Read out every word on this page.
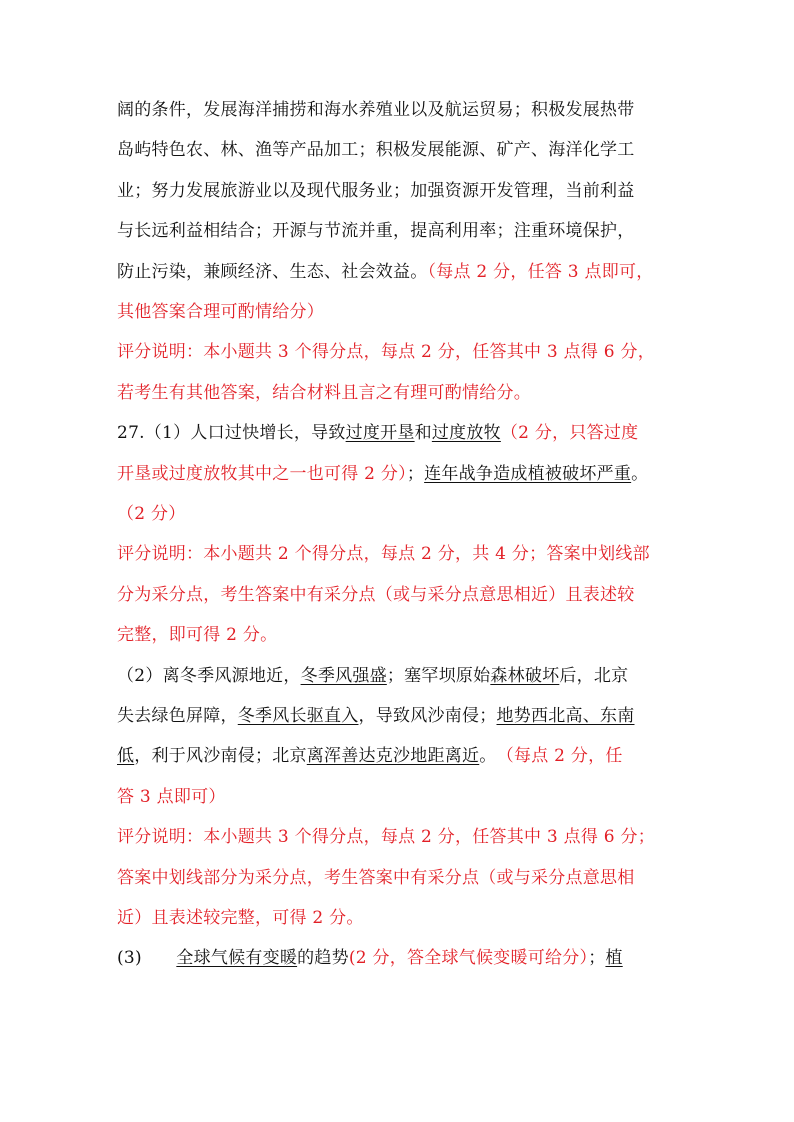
阔的条件，发展海洋捕捞和海水养殖业以及航运贸易；积极发展热带
岛屿特色农、林、渔等产品加工；积极发展能源、矿产、海洋化学工
业；努力发展旅游业以及现代服务业；加强资源开发管理，当前利益
与长远利益相结合；开源与节流并重，提高利用率；注重环境保护，
防止污染，兼顾经济、生态、社会效益。（每点 2 分，任答 3 点即可，
其他答案合理可酌情给分）
评分说明：本小题共 3 个得分点，每点 2 分，任答其中 3 点得 6 分，
若考生有其他答案，结合材料且言之有理可酌情给分。
27.（1）人口过快增长，导致过度开垦和过度放牧（2 分，只答过度
开垦或过度放牧其中之一也可得 2 分）；连年战争造成植被破坏严重。
（2 分）
评分说明：本小题共 2 个得分点，每点 2 分，共 4 分；答案中划线部
分为采分点，考生答案中有采分点（或与采分点意思相近）且表述较
完整，即可得 2 分。
（2）离冬季风源地近，冬季风强盛；塞罕坝原始森林破坏后，北京
失去绿色屏障，冬季风长驱直入，导致风沙南侵；地势西北高、东南
低，利于风沙南侵；北京离浑善达克沙地距离近。　（每点 2 分，任
答 3 点即可）
评分说明：本小题共 3 个得分点，每点 2 分，任答其中 3 点得 6 分；
答案中划线部分为采分点，考生答案中有采分点（或与采分点意思相
近）且表述较完整，可得 2 分。
(3)　　全球气候有变暖的趋势(2 分，答全球气候变暖可给分）；植
